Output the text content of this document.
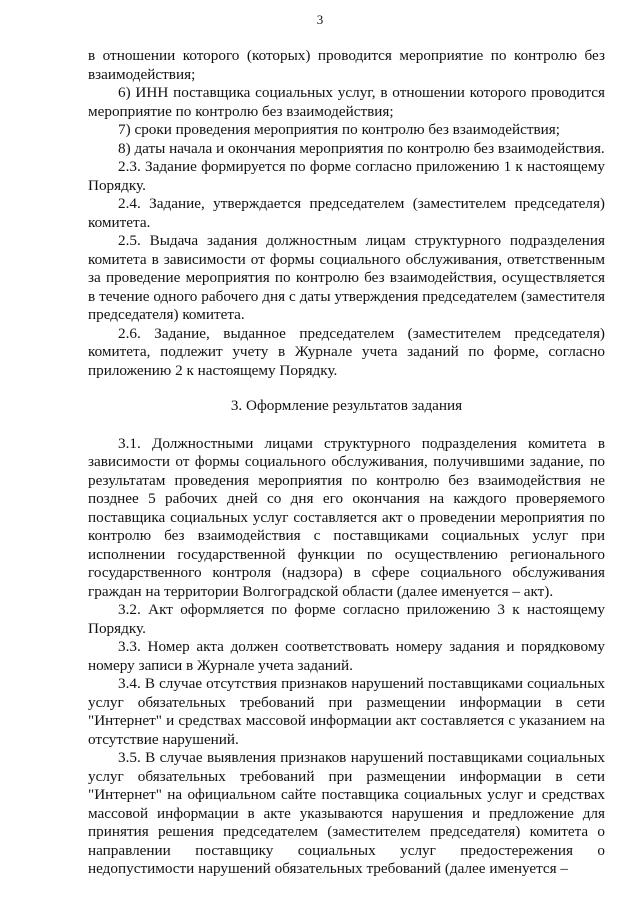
3

в отношении которого (которых) проводится мероприятие по контролю без взаимодействия;

6) ИНН поставщика социальных услуг, в отношении которого проводится мероприятие по контролю без взаимодействия;

7) сроки проведения мероприятия по контролю без взаимодействия;

8) даты начала и окончания мероприятия по контролю без взаимодействия.

2.3. Задание формируется по форме согласно приложению 1 к настоящему Порядку.

2.4. Задание, утверждается председателем (заместителем председателя) комитета.

2.5. Выдача задания должностным лицам структурного подразделения комитета в зависимости от формы социального обслуживания, ответственным за проведение мероприятия по контролю без взаимодействия, осуществляется в течение одного рабочего дня с даты утверждения председателем (заместителя председателя) комитета.

2.6. Задание, выданное председателем (заместителем председателя) комитета, подлежит учету в Журнале учета заданий по форме, согласно приложению 2 к настоящему Порядку.

3. Оформление результатов задания

3.1. Должностными лицами структурного подразделения комитета в зависимости от формы социального обслуживания, получившими задание, по результатам проведения мероприятия по контролю без взаимодействия не позднее 5 рабочих дней со дня его окончания на каждого проверяемого поставщика социальных услуг составляется акт о проведении мероприятия по контролю без взаимодействия с поставщиками социальных услуг при исполнении государственной функции по осуществлению регионального государственного контроля (надзора) в сфере социального обслуживания граждан на территории Волгоградской области (далее именуется – акт).

3.2. Акт оформляется по форме согласно приложению 3 к настоящему Порядку.

3.3. Номер акта должен соответствовать номеру задания и порядковому номеру записи в Журнале учета заданий.

3.4. В случае отсутствия признаков нарушений поставщиками социальных услуг обязательных требований при размещении информации в сети "Интернет" и средствах массовой информации акт составляется с указанием на отсутствие нарушений.

3.5. В случае выявления признаков нарушений поставщиками социальных услуг обязательных требований при размещении информации в сети "Интернет" на официальном сайте поставщика социальных услуг и средствах массовой информации в акте указываются нарушения и предложение для принятия решения председателем (заместителем председателя) комитета о направлении поставщику социальных услуг предостережения о недопустимости нарушений обязательных требований (далее именуется –
